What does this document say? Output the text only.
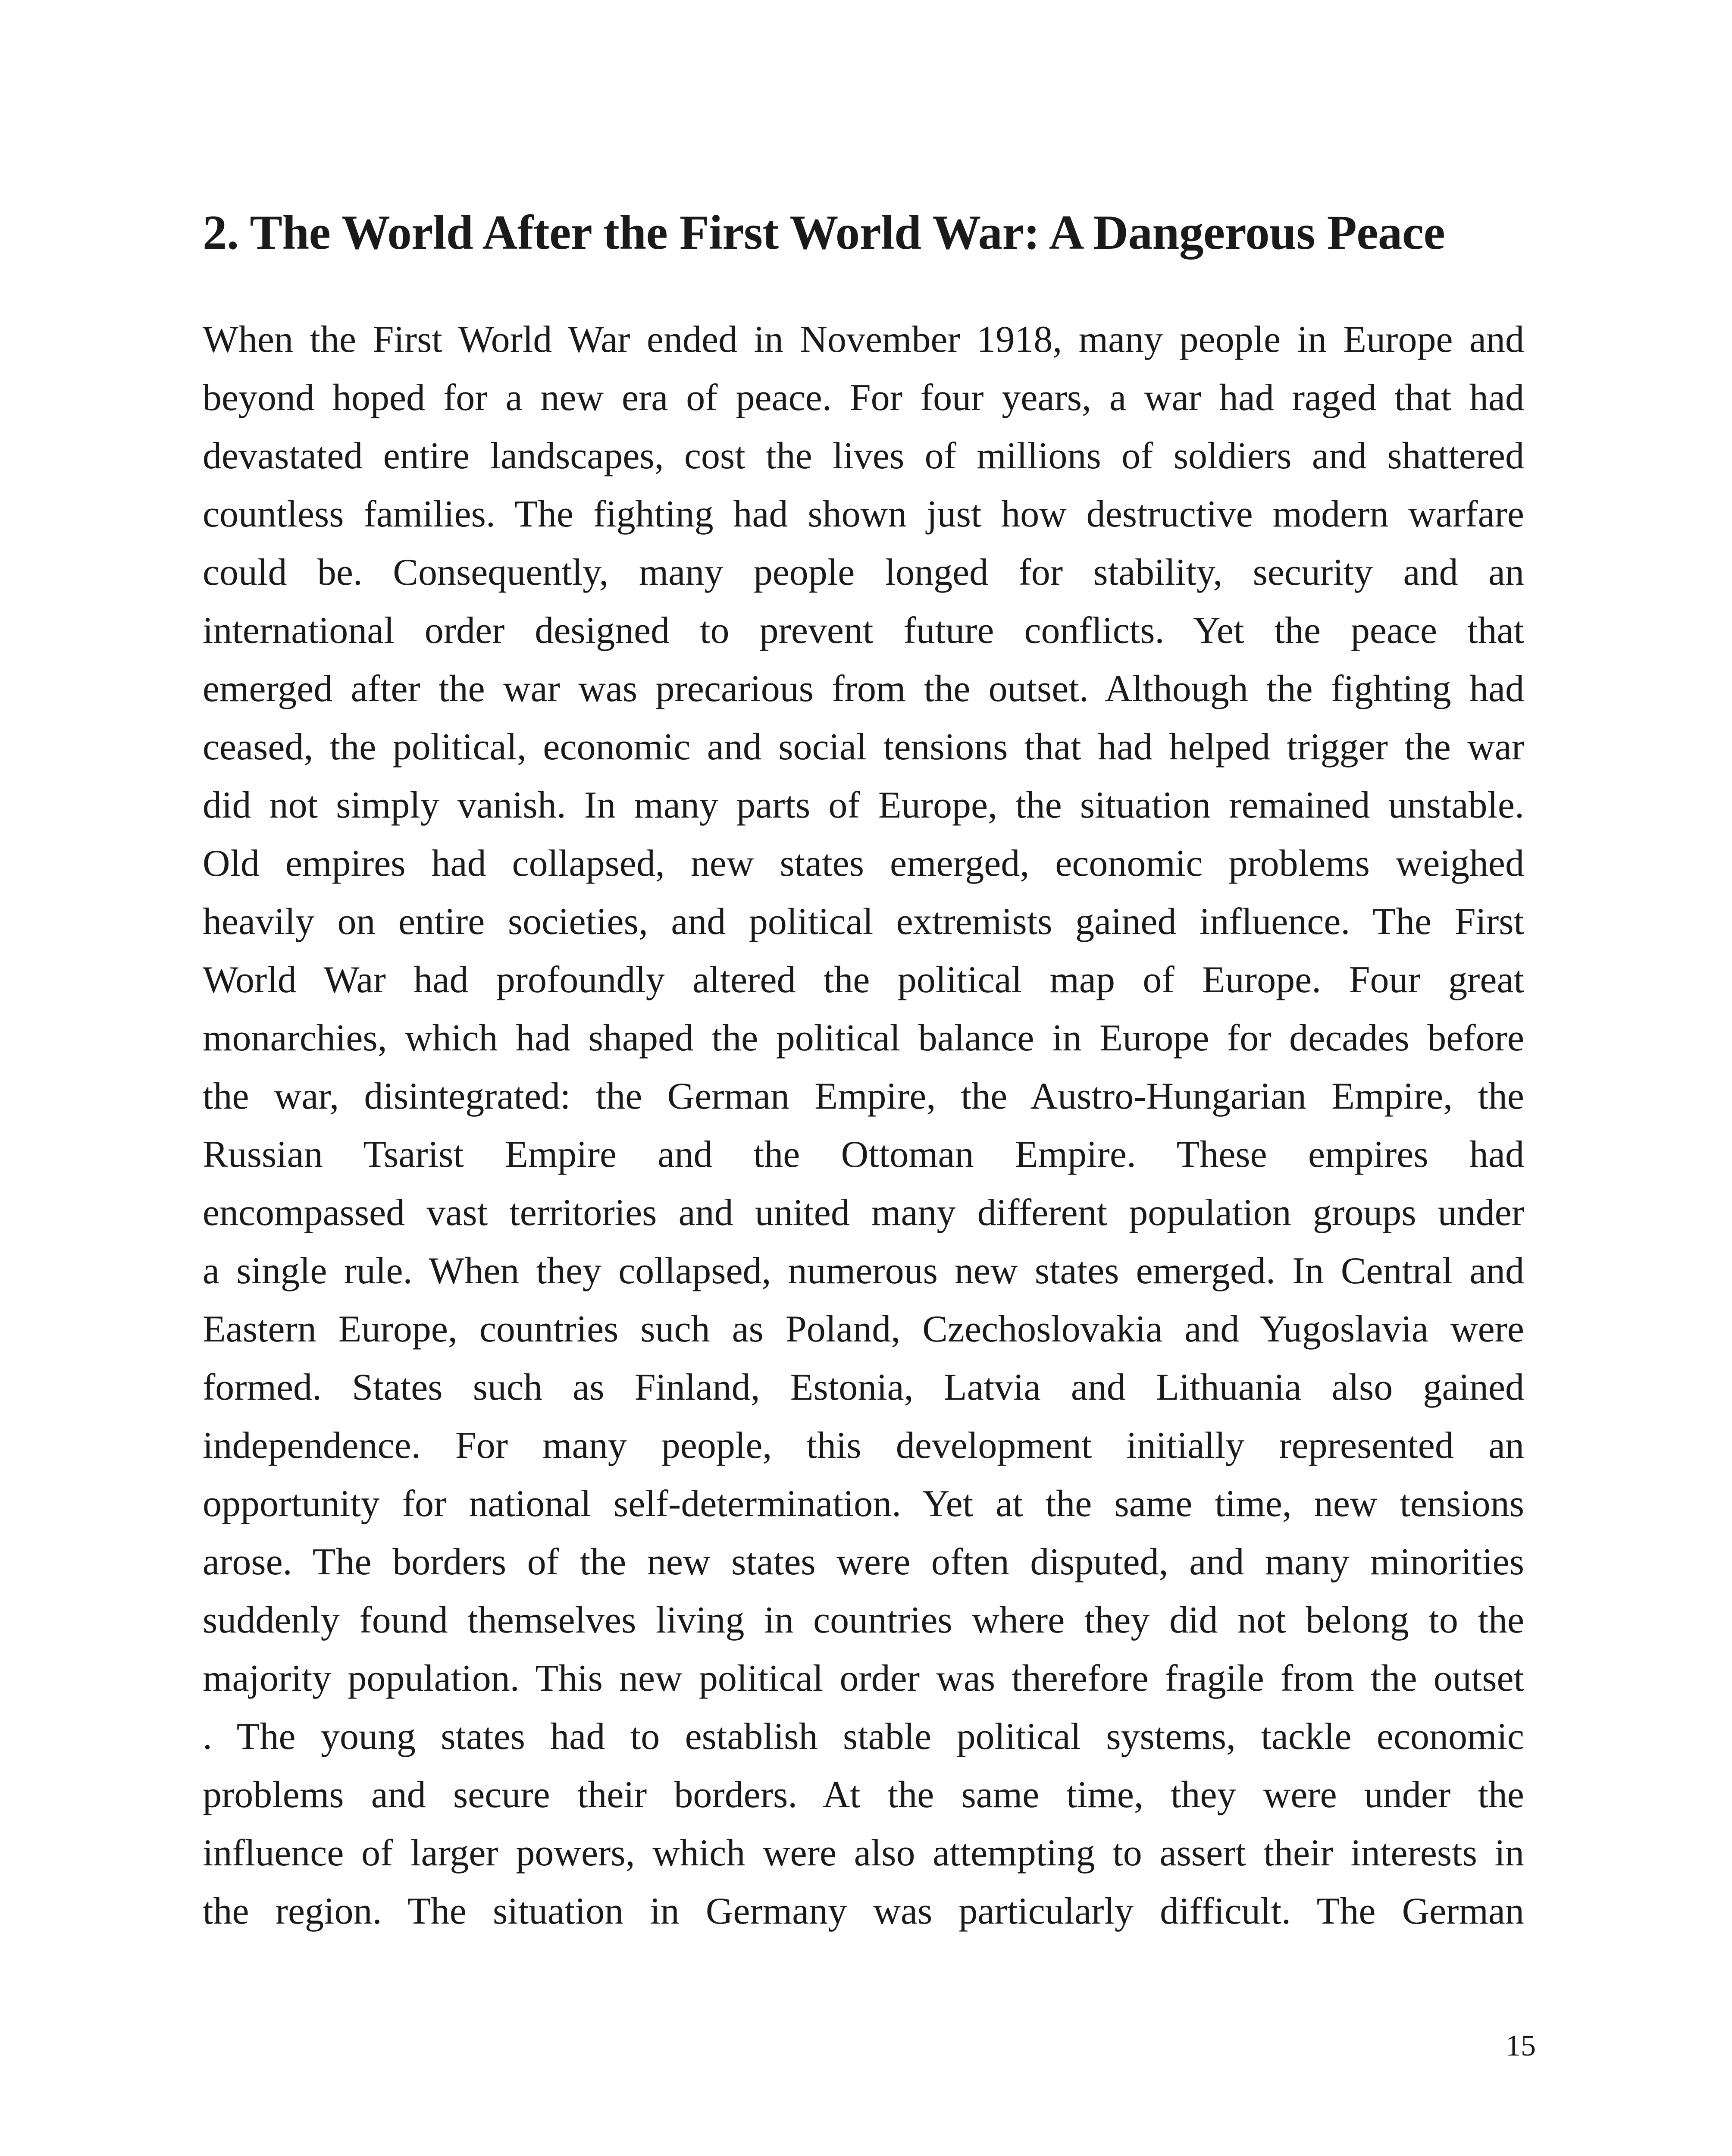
2. The World After the First World War: A Dangerous Peace
When the First World War ended in November 1918, many people in Europe and
beyond hoped for a new era of peace. For four years, a war had raged that had
devastated entire landscapes, cost the lives of millions of soldiers and shattered
countless families. The fighting had shown just how destructive modern warfare
could be. Consequently, many people longed for stability, security and an
international order designed to prevent future conflicts. Yet the peace that
emerged after the war was precarious from the outset. Although the fighting had
ceased, the political, economic and social tensions that had helped trigger the war
did not simply vanish. In many parts of Europe, the situation remained unstable.
Old empires had collapsed, new states emerged, economic problems weighed
heavily on entire societies, and political extremists gained influence. The First
World War had profoundly altered the political map of Europe. Four great
monarchies, which had shaped the political balance in Europe for decades before
the war, disintegrated: the German Empire, the Austro-Hungarian Empire, the
Russian Tsarist Empire and the Ottoman Empire. These empires had
encompassed vast territories and united many different population groups under
a single rule. When they collapsed, numerous new states emerged. In Central and
Eastern Europe, countries such as Poland, Czechoslovakia and Yugoslavia were
formed. States such as Finland, Estonia, Latvia and Lithuania also gained
independence. For many people, this development initially represented an
opportunity for national self-determination. Yet at the same time, new tensions
arose. The borders of the new states were often disputed, and many minorities
suddenly found themselves living in countries where they did not belong to the
majority population. This new political order was therefore fragile from the outset
. The young states had to establish stable political systems, tackle economic
problems and secure their borders. At the same time, they were under the
influence of larger powers, which were also attempting to assert their interests in
the region. The situation in Germany was particularly difficult. The German
15
